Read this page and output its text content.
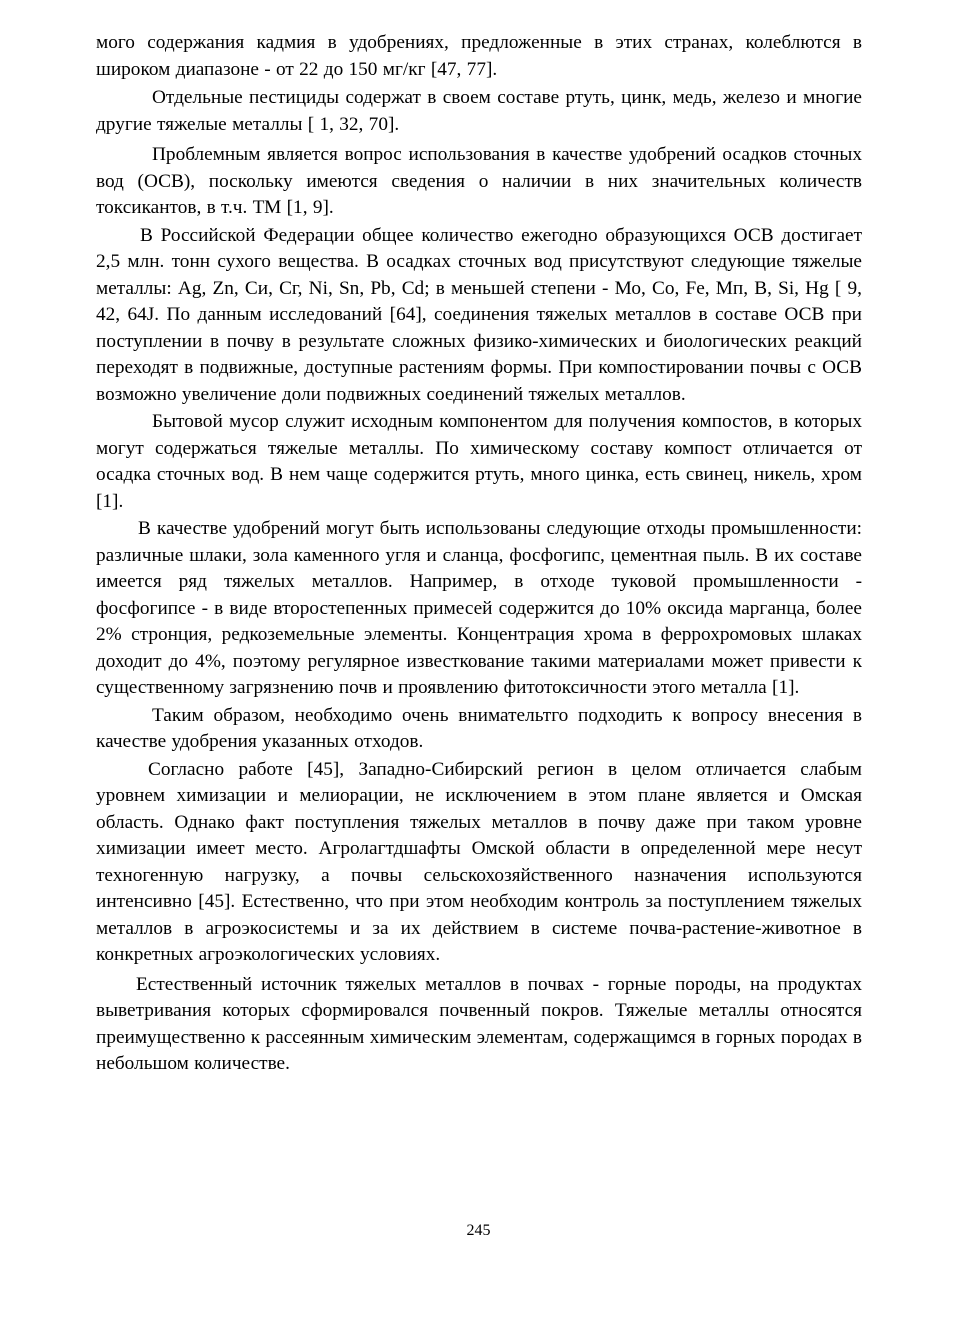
мого содержания кадмия в удобрениях, предложенные в этих странах, колеблются в широком диапазоне - от 22 до 150 мг/кг [47, 77].

Отдельные пестициды содержат в своем составе ртуть, цинк, медь, железо и многие другие тяжелые металлы [ 1, 32, 70].

Проблемным является вопрос использования в качестве удобрений осадков сточных вод (ОСВ), поскольку имеются сведения о наличии в них значительных количеств токсикантов, в т.ч. ТМ [1, 9].

В Российской Федерации общее количество ежегодно образующихся ОСВ достигает 2,5 млн. тонн сухого вещества. В осадках сточных вод присутствуют следующие тяжелые металлы: Ag, Zn, Си, Сг, Ni, Sn, Pb, Cd; в меньшей степени - Мо, Со, Fe, Мп, В, Si, Hg [ 9, 42, 64J. По данным исследований [64], соединения тяжелых металлов в составе ОСВ при поступлении в почву в результате сложных физико-химических и биологических реакций переходят в подвижные, доступные растениям формы. При компостировании почвы с ОСВ возможно увеличение доли подвижных соединений тяжелых металлов.

Бытовой мусор служит исходным компонентом для получения компостов, в которых могут содержаться тяжелые металлы. По химическому составу компост отличается от осадка сточных вод. В нем чаще содержится ртуть, много цинка, есть свинец, никель, хром [1].

В качестве удобрений могут быть использованы следующие отходы промышленности: различные шлаки, зола каменного угля и сланца, фосфогипс, цементная пыль. В их составе имеется ряд тяжелых металлов. Например, в отходе туковой промышленности - фосфогипсе - в виде второстепенных примесей содержится до 10% оксида марганца, более 2% стронция, редкоземельные элементы. Концентрация хрома в феррохромовых шлаках доходит до 4%, поэтому регулярное известкование такими материалами может привести к существенному загрязнению почв и проявлению фитотоксичности этого металла [1].

Таким образом, необходимо очень внимательтго подходить к вопросу внесения в качестве удобрения указанных отходов.

Согласно работе [45], Западно-Сибирский регион в целом отличается слабым уровнем химизации и мелиорации, не исключением в этом плане является и Омская область. Однако факт поступления тяжелых металлов в почву даже при таком уровне химизации имеет место. Агролагтдшафты Омской области в определенной мере несут техногенную нагрузку, а почвы сельскохозяйственного назначения используются интенсивно [45]. Естественно, что при этом необходим контроль за поступлением тяжелых металлов в агроэкосистемы и за их действием в системе почва-растение-животное в конкретных агроэкологических условиях.

Естественный источник тяжелых металлов в почвах - горные породы, на продуктах выветривания которых сформировался почвенный покров. Тяжелые металлы относятся преимущественно к рассеянным химическим элементам, содержащимся в горных породах в небольшом количестве.

245
